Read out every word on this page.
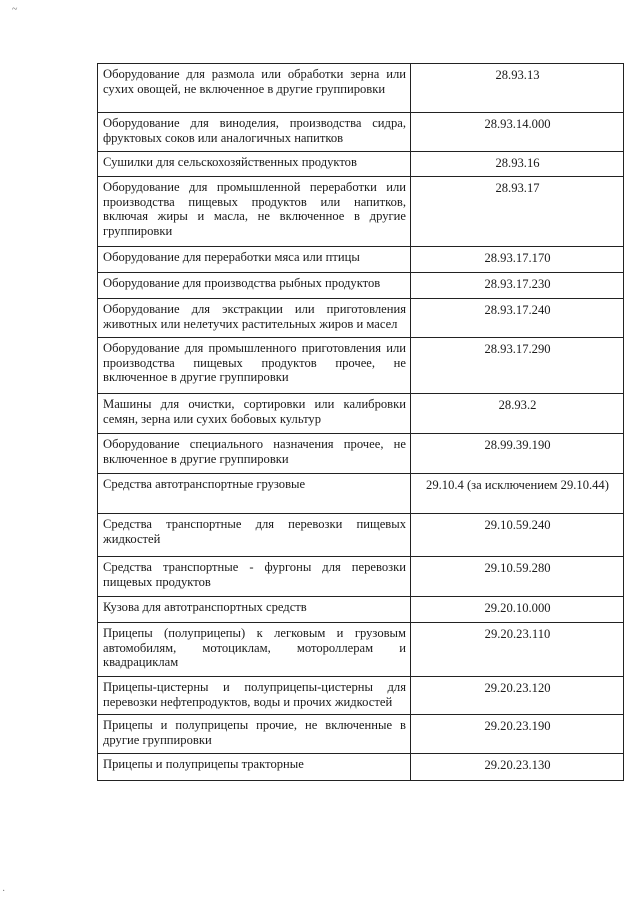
~
Оборудование для размола или обработки зерна или сухих овощей, не включенное в другие группировки	28.93.13
Оборудование для виноделия, производства сидра, фруктовых соков или аналогичных напитков	28.93.14.000
Сушилки для сельскохозяйственных продуктов	28.93.16
Оборудование для промышленной переработки или производства пищевых продуктов или напитков, включая жиры и масла, не включенное в другие группировки	28.93.17
Оборудование для переработки мяса или птицы	28.93.17.170
Оборудование для производства рыбных продуктов	28.93.17.230
Оборудование для экстракции или приготовления животных или нелетучих растительных жиров и масел	28.93.17.240
Оборудование для промышленного приготовления или производства пищевых продуктов прочее, не включенное в другие группировки	28.93.17.290
Машины для очистки, сортировки или калибровки семян, зерна или сухих бобовых культур	28.93.2
Оборудование специального назначения прочее, не включенное в другие группировки	28.99.39.190
Средства автотранспортные грузовые	29.10.4 (за исключением 29.10.44)
Средства транспортные для перевозки пищевых жидкостей	29.10.59.240
Средства транспортные - фургоны для перевозки пищевых продуктов	29.10.59.280
Кузова для автотранспортных средств	29.20.10.000
Прицепы (полуприцепы) к легковым и грузовым автомобилям, мотоциклам, мотороллерам и квадрациклам	29.20.23.110
Прицепы-цистерны и полуприцепы-цистерны для перевозки нефтепродуктов, воды и прочих жидкостей	29.20.23.120
Прицепы и полуприцепы прочие, не включенные в другие группировки	29.20.23.190
Прицепы и полуприцепы тракторные	29.20.23.130
·
